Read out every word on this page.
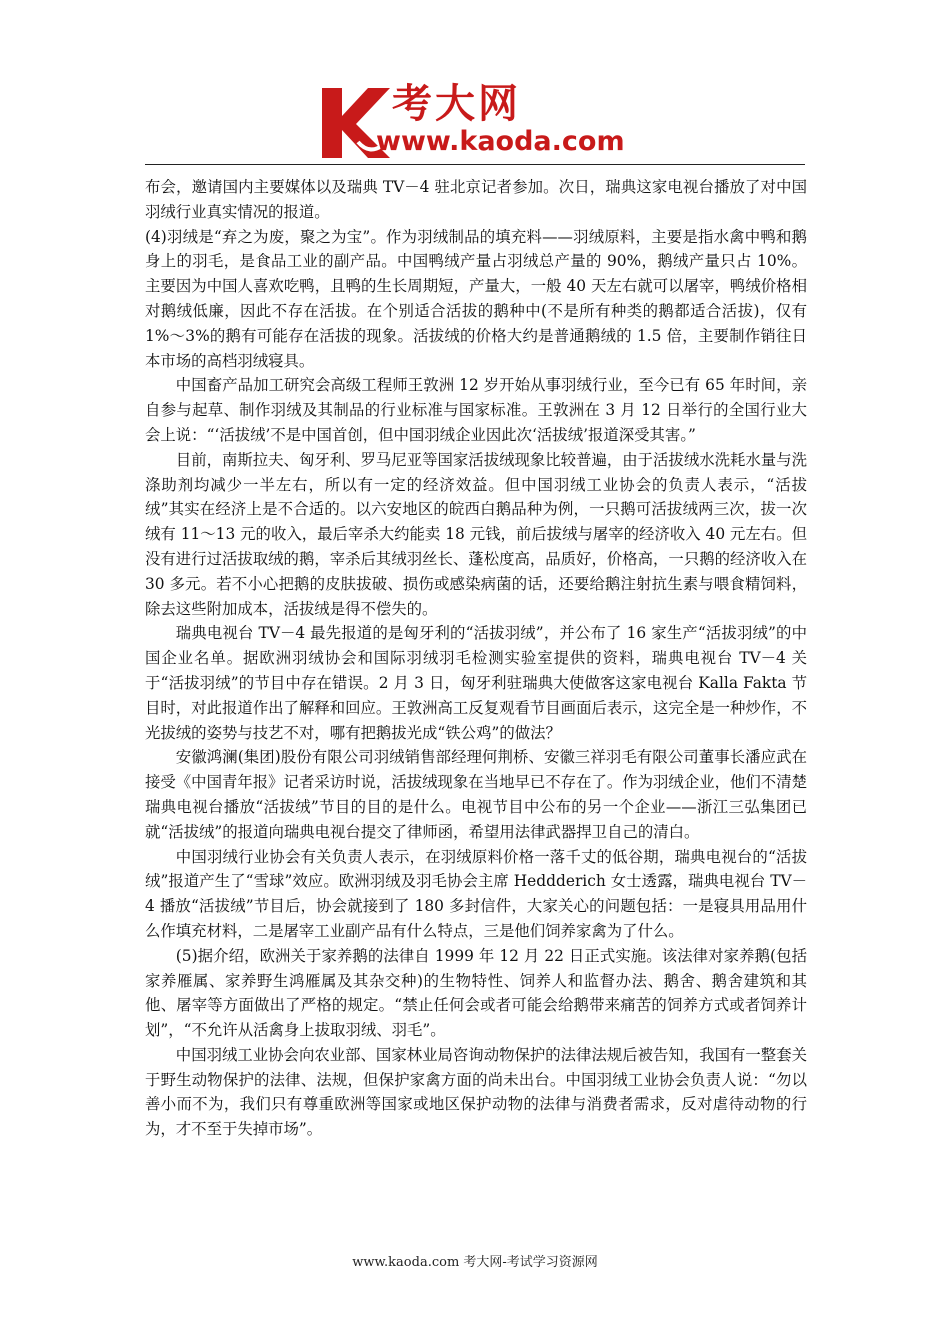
考大网
www.kaoda.com

布会，邀请国内主要媒体以及瑞典 TV－4 驻北京记者参加。次日，瑞典这家电视台播放了对中国羽绒行业真实情况的报道。

(4)羽绒是“弃之为废，聚之为宝”。作为羽绒制品的填充料——羽绒原料，主要是指水禽中鸭和鹅身上的羽毛，是食品工业的副产品。中国鸭绒产量占羽绒总产量的 90%，鹅绒产量只占 10%。主要因为中国人喜欢吃鸭，且鸭的生长周期短，产量大，一般 40 天左右就可以屠宰，鸭绒价格相对鹅绒低廉，因此不存在活拔。在个别适合活拔的鹅种中(不是所有种类的鹅都适合活拔)，仅有 1%～3%的鹅有可能存在活拔的现象。活拔绒的价格大约是普通鹅绒的 1.5 倍，主要制作销往日本市场的高档羽绒寝具。

中国畜产品加工研究会高级工程师王敦洲 12 岁开始从事羽绒行业，至今已有 65 年时间，亲自参与起草、制作羽绒及其制品的行业标准与国家标准。王敦洲在 3 月 12 日举行的全国行业大会上说：“‘活拔绒’不是中国首创，但中国羽绒企业因此次‘活拔绒’报道深受其害。”

目前，南斯拉夫、匈牙利、罗马尼亚等国家活拔绒现象比较普遍，由于活拔绒水洗耗水量与洗涤助剂均减少一半左右，所以有一定的经济效益。但中国羽绒工业协会的负责人表示，“活拔绒”其实在经济上是不合适的。以六安地区的皖西白鹅品种为例，一只鹅可活拔绒两三次，拔一次绒有 11～13 元的收入，最后宰杀大约能卖 18 元钱，前后拔绒与屠宰的经济收入 40 元左右。但没有进行过活拔取绒的鹅，宰杀后其绒羽丝长、蓬松度高，品质好，价格高，一只鹅的经济收入在 30 多元。若不小心把鹅的皮肤拔破、损伤或感染病菌的话，还要给鹅注射抗生素与喂食精饲料，除去这些附加成本，活拔绒是得不偿失的。

瑞典电视台 TV－4 最先报道的是匈牙利的“活拔羽绒”，并公布了 16 家生产“活拔羽绒”的中国企业名单。据欧洲羽绒协会和国际羽绒羽毛检测实验室提供的资料，瑞典电视台 TV－4 关于“活拔羽绒”的节目中存在错误。2 月 3 日，匈牙利驻瑞典大使做客这家电视台 Kalla Fakta 节目时，对此报道作出了解释和回应。王敦洲高工反复观看节目画面后表示，这完全是一种炒作，不光拔绒的姿势与技艺不对，哪有把鹅拔光成“铁公鸡”的做法？

安徽鸿澜(集团)股份有限公司羽绒销售部经理何荆桥、安徽三祥羽毛有限公司董事长潘应武在接受《中国青年报》记者采访时说，活拔绒现象在当地早已不存在了。作为羽绒企业，他们不清楚瑞典电视台播放“活拔绒”节目的目的是什么。电视节目中公布的另一个企业——浙江三弘集团已就“活拔绒”的报道向瑞典电视台提交了律师函，希望用法律武器捍卫自己的清白。

中国羽绒行业协会有关负责人表示，在羽绒原料价格一落千丈的低谷期，瑞典电视台的“活拔绒”报道产生了“雪球”效应。欧洲羽绒及羽毛协会主席 Heddderich 女士透露，瑞典电视台 TV－4 播放“活拔绒”节目后，协会就接到了 180 多封信件，大家关心的问题包括：一是寝具用品用什么作填充材料，二是屠宰工业副产品有什么特点，三是他们饲养家禽为了什么。

(5)据介绍，欧洲关于家养鹅的法律自 1999 年 12 月 22 日正式实施。该法律对家养鹅(包括家养雁属、家养野生鸿雁属及其杂交种)的生物特性、饲养人和监督办法、鹅舍、鹅舍建筑和其他、屠宰等方面做出了严格的规定。“禁止任何会或者可能会给鹅带来痛苦的饲养方式或者饲养计划”，“不允许从活禽身上拔取羽绒、羽毛”。

中国羽绒工业协会向农业部、国家林业局咨询动物保护的法律法规后被告知，我国有一整套关于野生动物保护的法律、法规，但保护家禽方面的尚未出台。中国羽绒工业协会负责人说：“勿以善小而不为，我们只有尊重欧洲等国家或地区保护动物的法律与消费者需求，反对虐待动物的行为，才不至于失掉市场”。

www.kaoda.com 考大网-考试学习资源网
